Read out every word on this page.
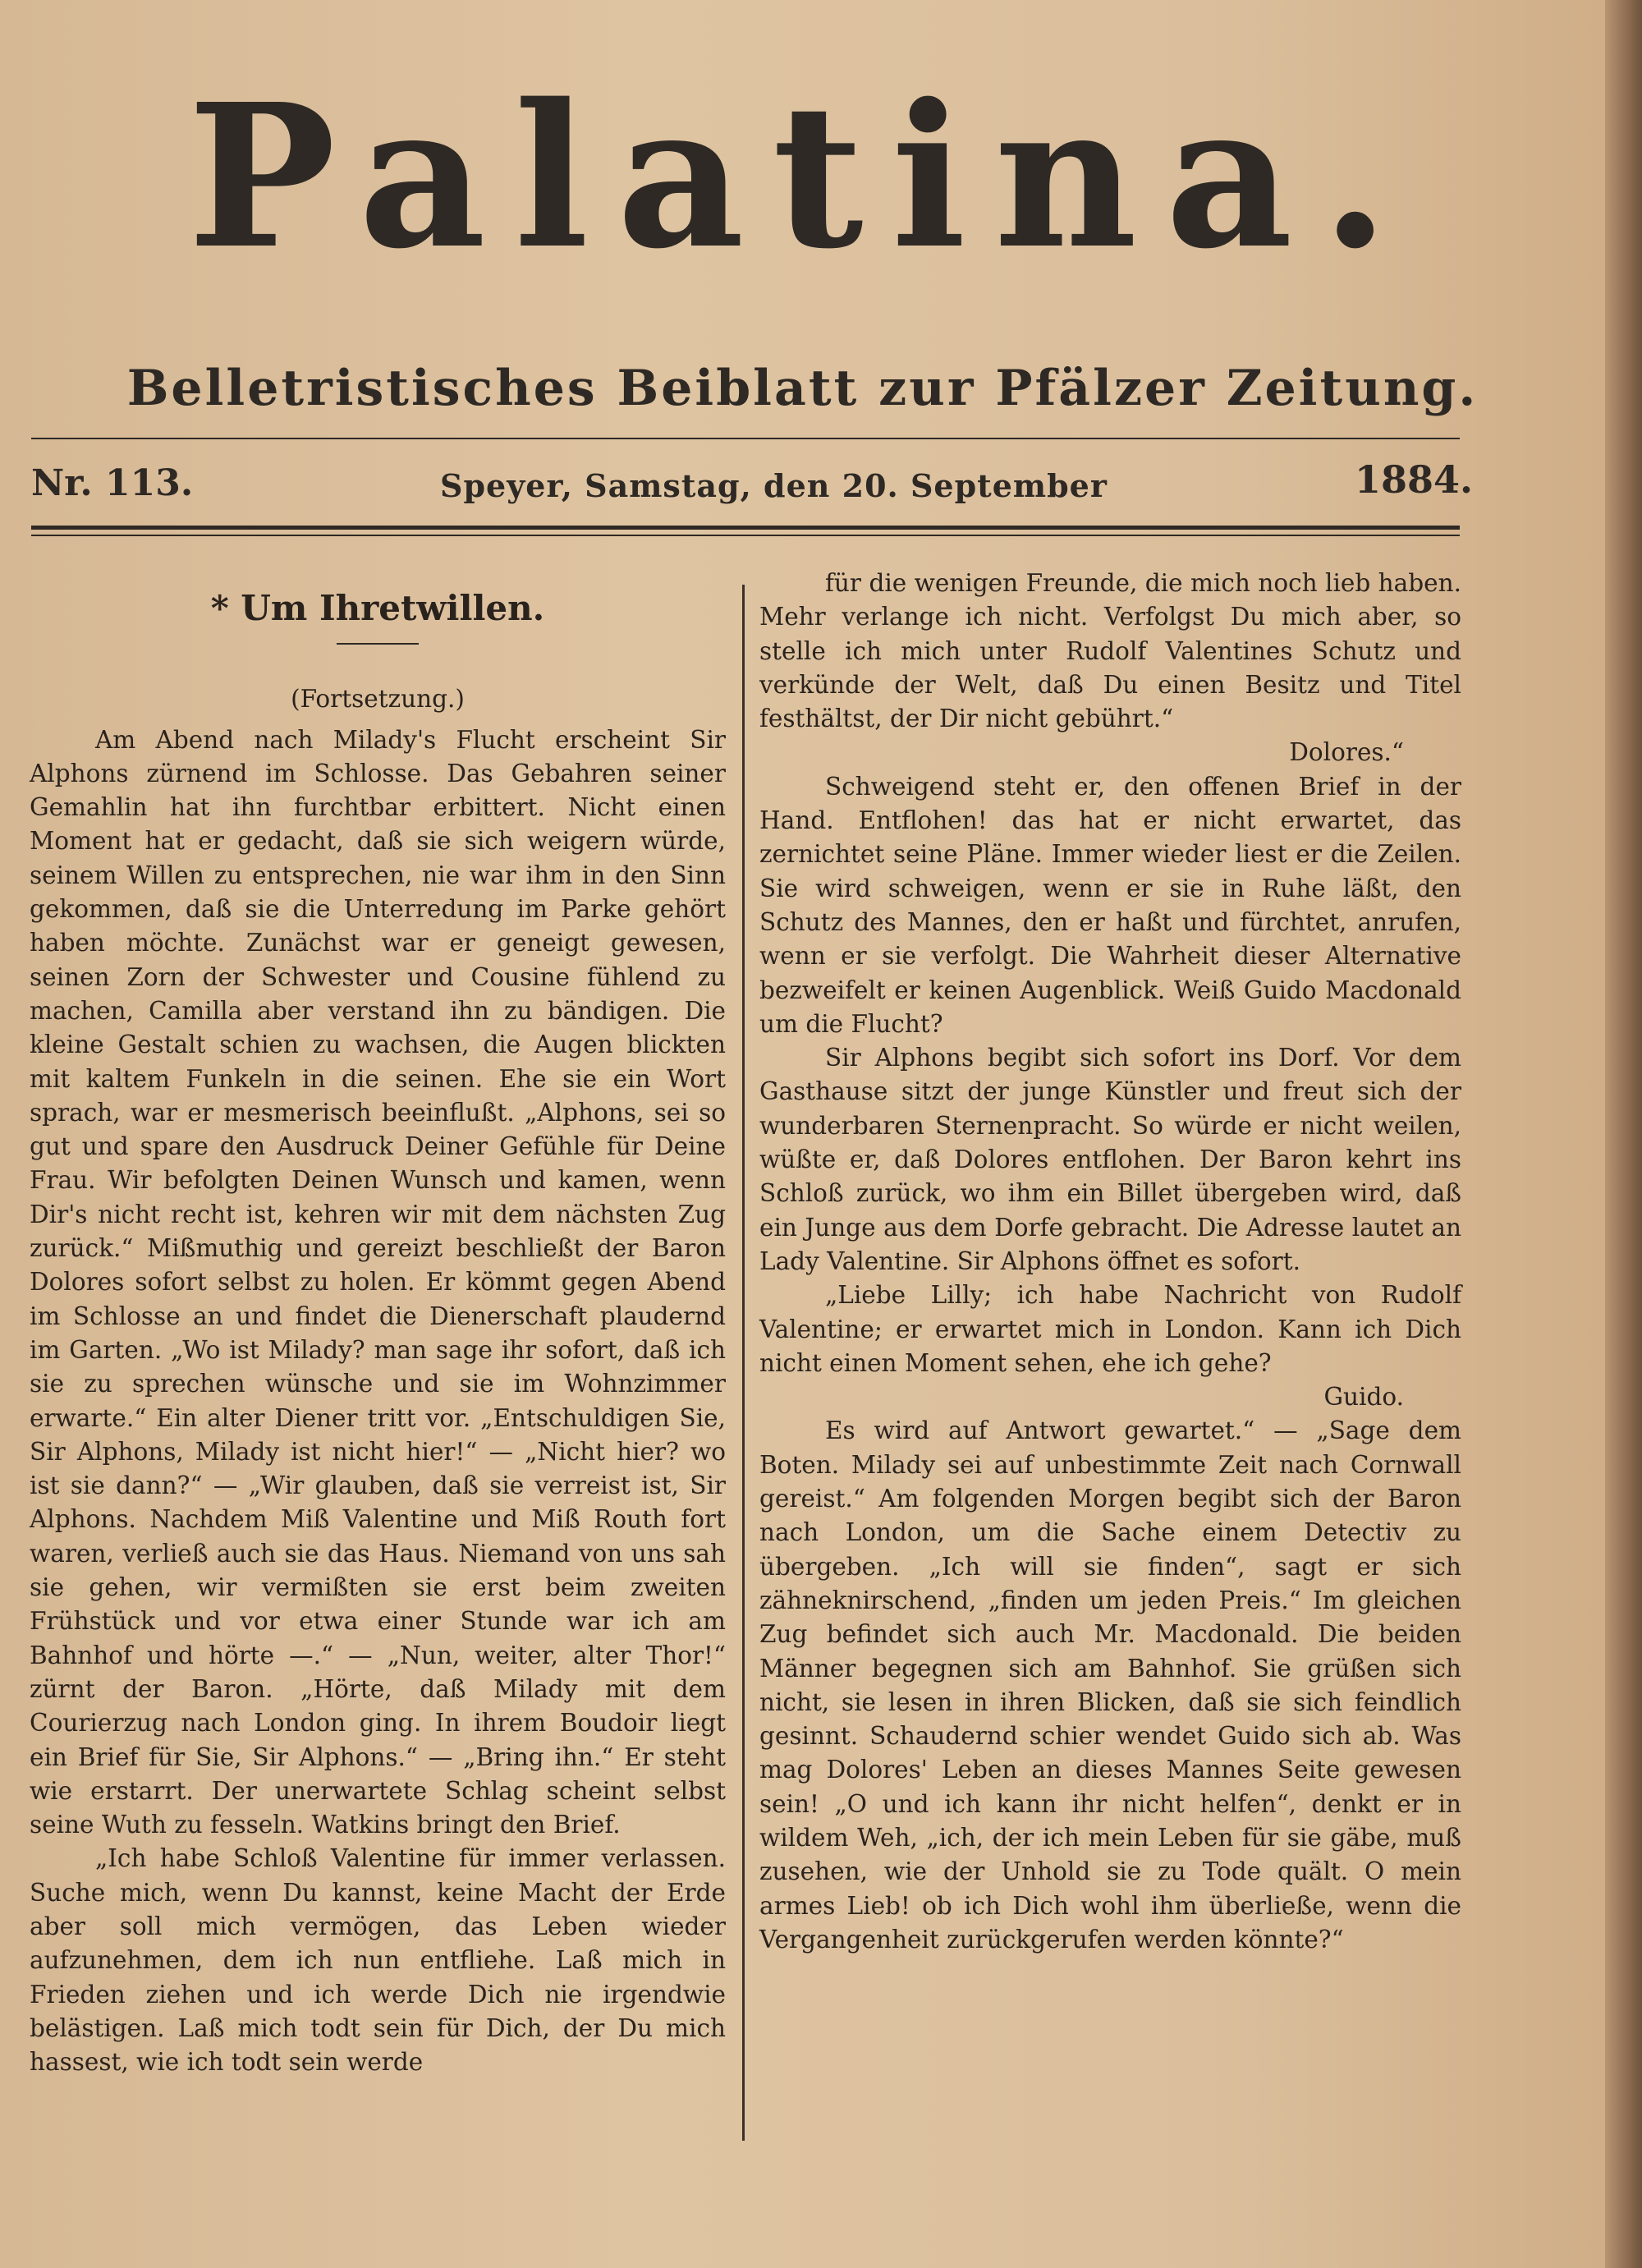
Palatina.
Belletristisches Beiblatt zur Pfälzer Zeitung.
Nr. 113.	Speyer, Samstag, den 20. September	1884.
* Um Ihretwillen.

(Fortsetzung.)

Am Abend nach Milady's Flucht erscheint Sir Alphons zürnend im Schlosse. Das Gebahren seiner Gemahlin hat ihn furchtbar erbittert. Nicht einen Moment hat er gedacht, daß sie sich weigern würde, seinem Willen zu entsprechen, nie war ihm in den Sinn gekommen, daß sie die Unterredung im Parke gehört haben möchte. Zunächst war er geneigt gewesen, seinen Zorn der Schwester und Cousine fühlend zu machen, Camilla aber verstand ihn zu bändigen. Die kleine Gestalt schien zu wachsen, die Augen blickten mit kaltem Funkeln in die seinen. Ehe sie ein Wort sprach, war er mesmerisch beeinflußt. „Alphons, sei so gut und spare den Ausdruck Deiner Gefühle für Deine Frau. Wir befolgten Deinen Wunsch und kamen, wenn Dir's nicht recht ist, kehren wir mit dem nächsten Zug zurück.“ Mißmuthig und gereizt beschließt der Baron Dolores sofort selbst zu holen. Er kömmt gegen Abend im Schlosse an und findet die Dienerschaft plaudernd im Garten. „Wo ist Milady? man sage ihr sofort, daß ich sie zu sprechen wünsche und sie im Wohnzimmer erwarte.“ Ein alter Diener tritt vor. „Entschuldigen Sie, Sir Alphons, Milady ist nicht hier!“ — „Nicht hier? wo ist sie dann?“ — „Wir glauben, daß sie verreist ist, Sir Alphons. Nachdem Miß Valentine und Miß Routh fort waren, verließ auch sie das Haus. Niemand von uns sah sie gehen, wir vermißten sie erst beim zweiten Frühstück und vor etwa einer Stunde war ich am Bahnhof und hörte —.“ — „Nun, weiter, alter Thor!“ zürnt der Baron. „Hörte, daß Milady mit dem Courierzug nach London ging. In ihrem Boudoir liegt ein Brief für Sie, Sir Alphons.“ — „Bring ihn.“ Er steht wie erstarrt. Der unerwartete Schlag scheint selbst seine Wuth zu fesseln. Watkins bringt den Brief.

„Ich habe Schloß Valentine für immer verlassen. Suche mich, wenn Du kannst, keine Macht der Erde aber soll mich vermögen, das Leben wieder aufzunehmen, dem ich nun entfliehe. Laß mich in Frieden ziehen und ich werde Dich nie irgendwie belästigen. Laß mich todt sein für Dich, der Du mich hassest, wie ich todt sein werde

für die wenigen Freunde, die mich noch lieb haben. Mehr verlange ich nicht. Verfolgst Du mich aber, so stelle ich mich unter Rudolf Valentines Schutz und verkünde der Welt, daß Du einen Besitz und Titel festhältst, der Dir nicht gebührt.“

Dolores.“

Schweigend steht er, den offenen Brief in der Hand. Entflohen! das hat er nicht erwartet, das zernichtet seine Pläne. Immer wieder liest er die Zeilen. Sie wird schweigen, wenn er sie in Ruhe läßt, den Schutz des Mannes, den er haßt und fürchtet, anrufen, wenn er sie verfolgt. Die Wahrheit dieser Alternative bezweifelt er keinen Augenblick. Weiß Guido Macdonald um die Flucht?

Sir Alphons begibt sich sofort ins Dorf. Vor dem Gasthause sitzt der junge Künstler und freut sich der wunderbaren Sternenpracht. So würde er nicht weilen, wüßte er, daß Dolores entflohen. Der Baron kehrt ins Schloß zurück, wo ihm ein Billet übergeben wird, daß ein Junge aus dem Dorfe gebracht. Die Adresse lautet an Lady Valentine. Sir Alphons öffnet es sofort.

„Liebe Lilly; ich habe Nachricht von Rudolf Valentine; er erwartet mich in London. Kann ich Dich nicht einen Moment sehen, ehe ich gehe?

Guido.

Es wird auf Antwort gewartet.“ — „Sage dem Boten. Milady sei auf unbestimmte Zeit nach Cornwall gereist.“ Am folgenden Morgen begibt sich der Baron nach London, um die Sache einem Detectiv zu übergeben. „Ich will sie finden“, sagt er sich zähneknirschend, „finden um jeden Preis.“ Im gleichen Zug befindet sich auch Mr. Macdonald. Die beiden Männer begegnen sich am Bahnhof. Sie grüßen sich nicht, sie lesen in ihren Blicken, daß sie sich feindlich gesinnt. Schaudernd schier wendet Guido sich ab. Was mag Dolores' Leben an dieses Mannes Seite gewesen sein! „O und ich kann ihr nicht helfen“, denkt er in wildem Weh, „ich, der ich mein Leben für sie gäbe, muß zusehen, wie der Unhold sie zu Tode quält. O mein armes Lieb! ob ich Dich wohl ihm überließe, wenn die Vergangenheit zurückgerufen werden könnte?“
